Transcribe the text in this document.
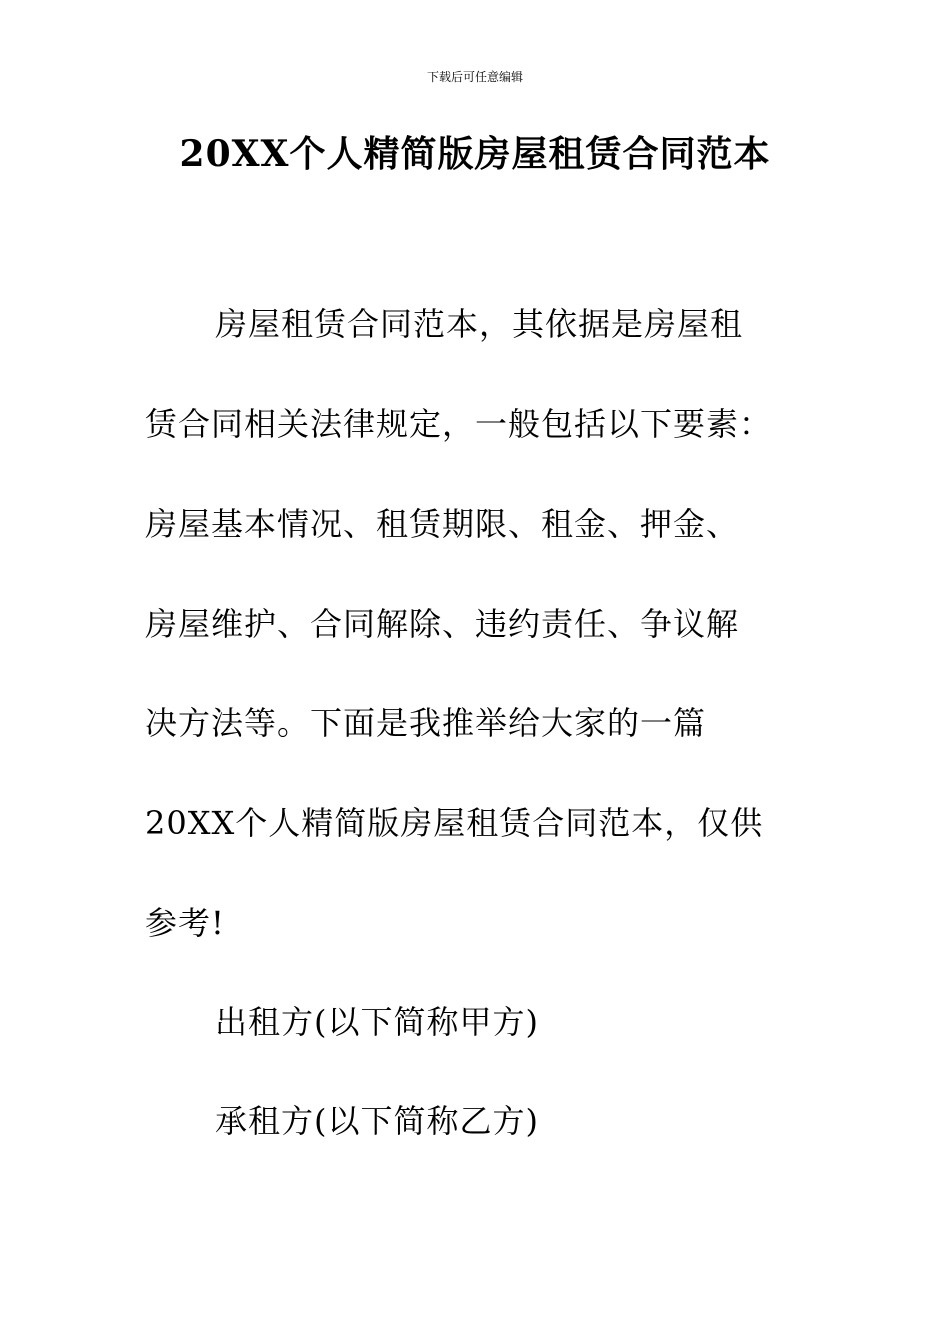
下载后可任意编辑
20XX个人精简版房屋租赁合同范本
房屋租赁合同范本，其依据是房屋租
赁合同相关法律规定，一般包括以下要素：
房屋基本情况、租赁期限、租金、押金、
房屋维护、合同解除、违约责任、争议解
决方法等。下面是我推举给大家的一篇
20XX个人精简版房屋租赁合同范本，仅供
参考!
出租方(以下简称甲方)
承租方(以下简称乙方)
